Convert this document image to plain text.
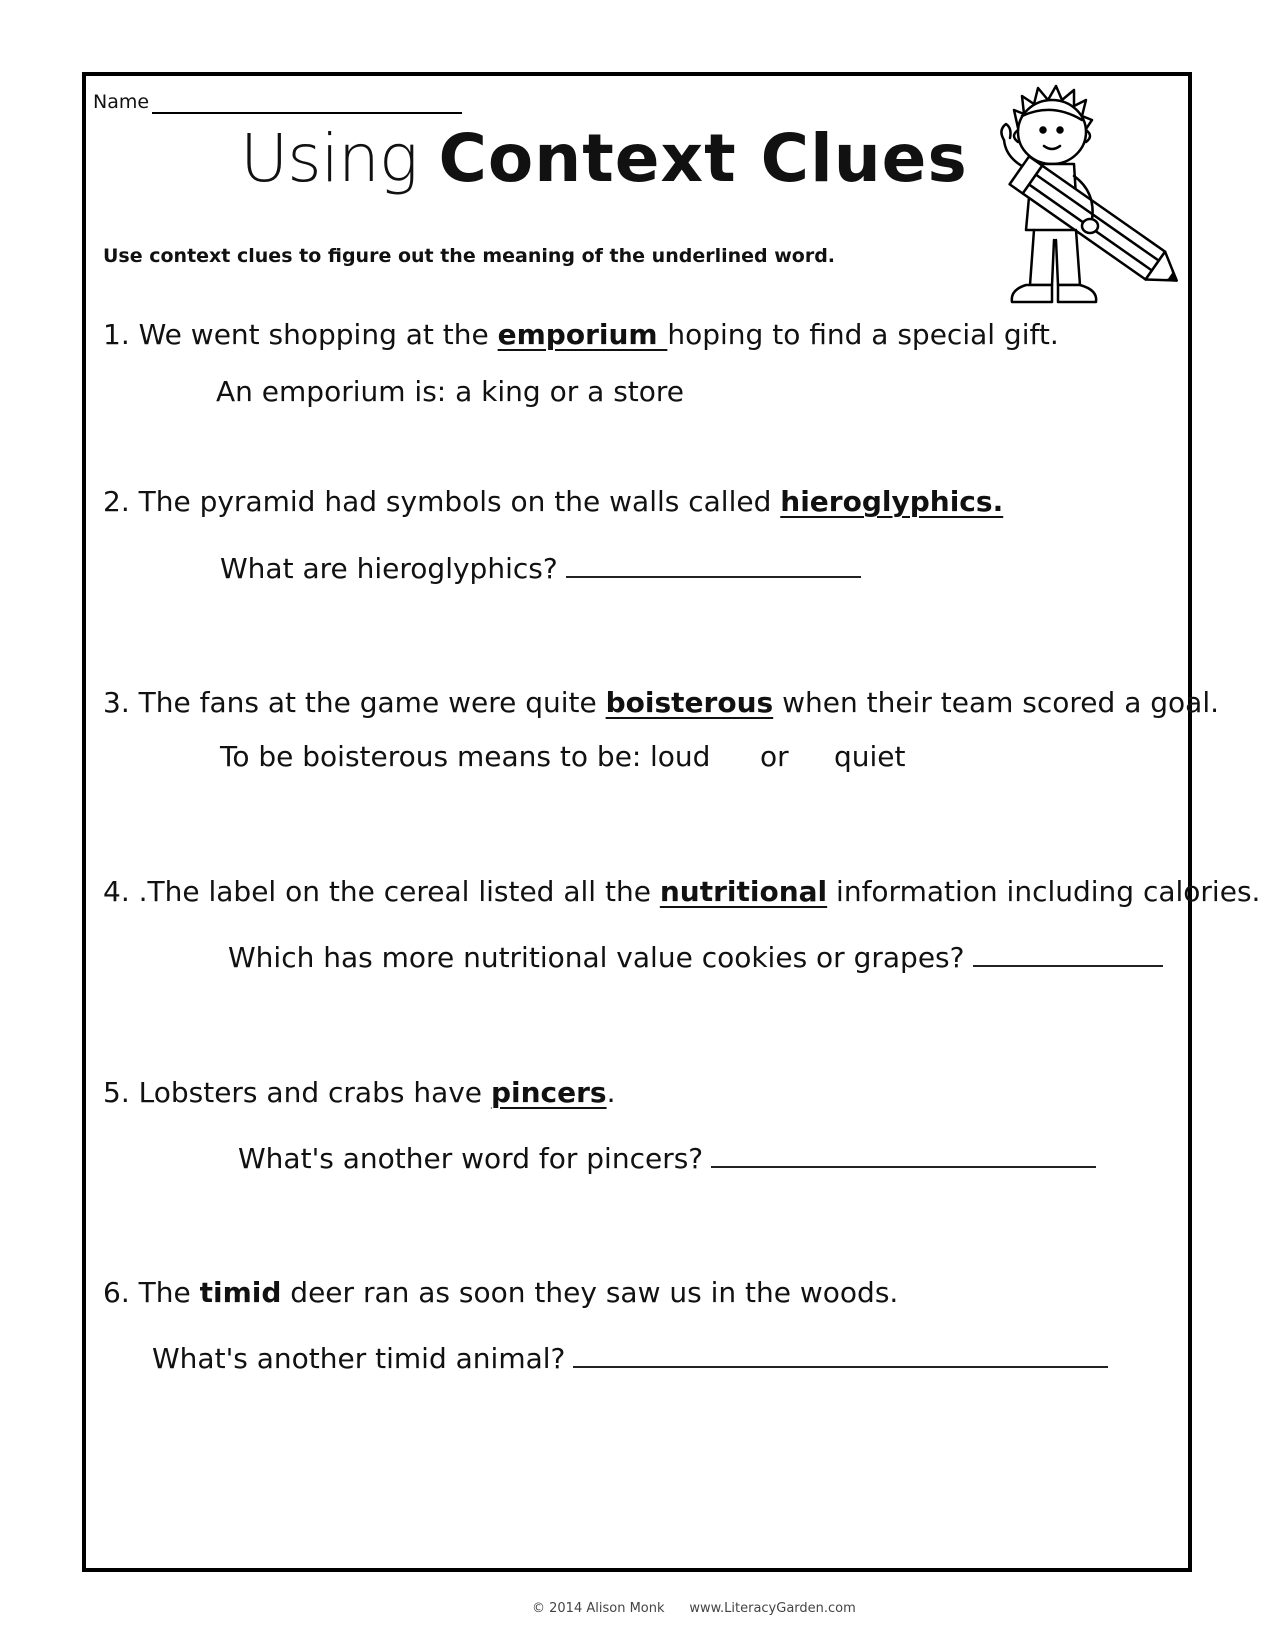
Name
Using Context Clues
Use context clues to figure out the meaning of the underlined word.
1. We went shopping at the emporium hoping to find a special gift.
An emporium is: a king or a store
2. The pyramid had symbols on the walls called hieroglyphics.
What are hieroglyphics?
3. The fans at the game were quite boisterous when their team scored a goal.
To be boisterous means to be: loud or quiet
4. .The label on the cereal listed all the nutritional information including calories.
Which has more nutritional value cookies or grapes?
5. Lobsters and crabs have pincers.
What's another word for pincers?
6. The timid deer ran as soon they saw us in the woods.
What's another timid animal?
© 2014 Alison Monk www.LiteracyGarden.com
